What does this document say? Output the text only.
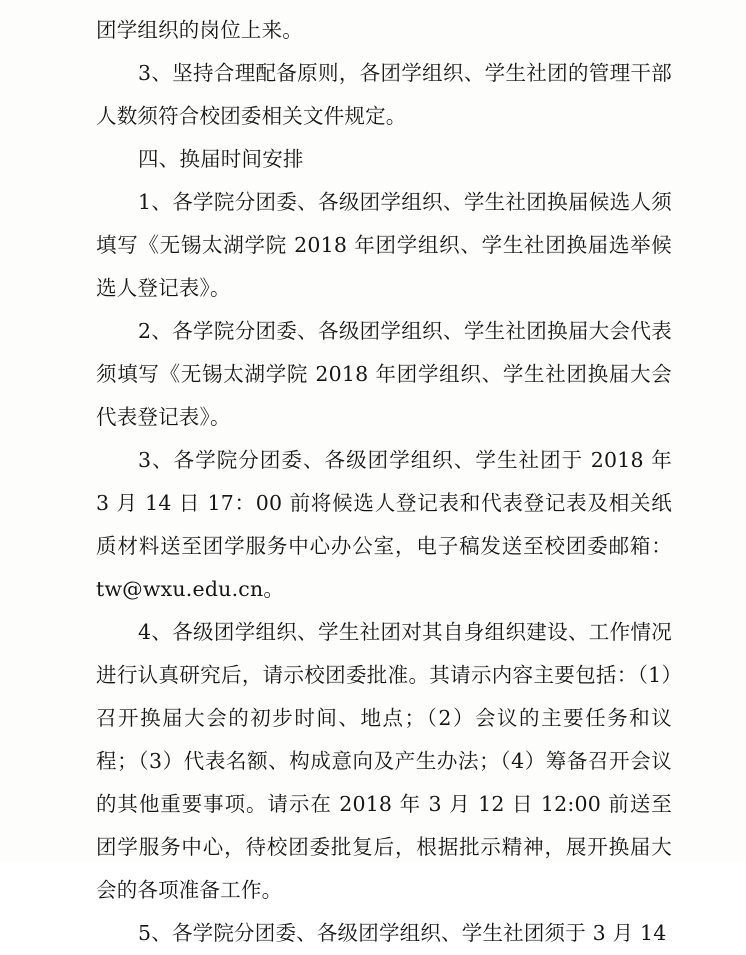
团学组织的岗位上来。

3、坚持合理配备原则，各团学组织、学生社团的管理干部人数须符合校团委相关文件规定。

四、换届时间安排

1、各学院分团委、各级团学组织、学生社团换届候选人须填写《无锡太湖学院 2018 年团学组织、学生社团换届选举候选人登记表》。

2、各学院分团委、各级团学组织、学生社团换届大会代表须填写《无锡太湖学院 2018 年团学组织、学生社团换届大会代表登记表》。

3、各学院分团委、各级团学组织、学生社团于 2018 年 3 月 14 日 17：00 前将候选人登记表和代表登记表及相关纸质材料送至团学服务中心办公室，电子稿发送至校团委邮箱：tw@wxu.edu.cn。

4、各级团学组织、学生社团对其自身组织建设、工作情况进行认真研究后，请示校团委批准。其请示内容主要包括：（1）召开换届大会的初步时间、地点；（2）会议的主要任务和议程；（3）代表名额、构成意向及产生办法；（4）筹备召开会议的其他重要事项。请示在 2018 年 3 月 12 日 12:00 前送至团学服务中心，待校团委批复后，根据批示精神，展开换届大会的各项准备工作。

5、各学院分团委、各级团学组织、学生社团须于 3 月 14
